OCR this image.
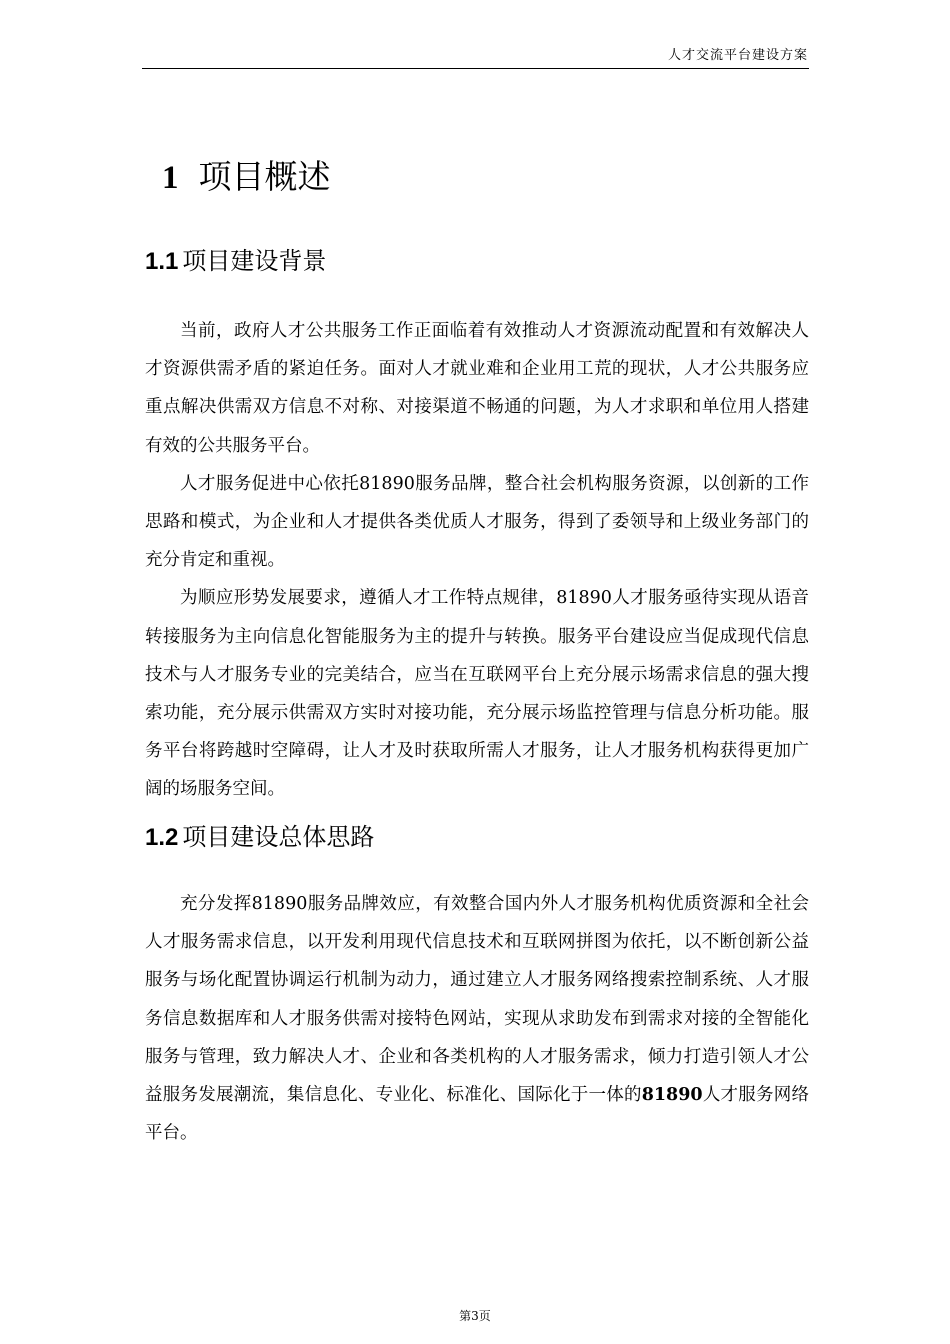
人才交流平台建设方案
1 项目概述
1.1 项目建设背景

当前，政府人才公共服务工作正面临着有效推动人才资源流动配置和有效解决人才资源供需矛盾的紧迫任务。面对人才就业难和企业用工荒的现状，人才公共服务应重点解决供需双方信息不对称、对接渠道不畅通的问题，为人才求职和单位用人搭建有效的公共服务平台。

人才服务促进中心依托81890服务品牌，整合社会机构服务资源，以创新的工作思路和模式，为企业和人才提供各类优质人才服务，得到了委领导和上级业务部门的充分肯定和重视。

为顺应形势发展要求，遵循人才工作特点规律，81890人才服务亟待实现从语音转接服务为主向信息化智能服务为主的提升与转换。服务平台建设应当促成现代信息技术与人才服务专业的完美结合，应当在互联网平台上充分展示场需求信息的强大搜索功能，充分展示供需双方实时对接功能，充分展示场监控管理与信息分析功能。服务平台将跨越时空障碍，让人才及时获取所需人才服务，让人才服务机构获得更加广阔的场服务空间。

1.2 项目建设总体思路

充分发挥81890服务品牌效应，有效整合国内外人才服务机构优质资源和全社会人才服务需求信息，以开发利用现代信息技术和互联网拼图为依托，以不断创新公益服务与场化配置协调运行机制为动力，通过建立人才服务网络搜索控制系统、人才服务信息数据库和人才服务供需对接特色网站，实现从求助发布到需求对接的全智能化服务与管理，致力解决人才、企业和各类机构的人才服务需求，倾力打造引领人才公益服务发展潮流，集信息化、专业化、标准化、国际化于一体的81890人才服务网络平台。

第3页
